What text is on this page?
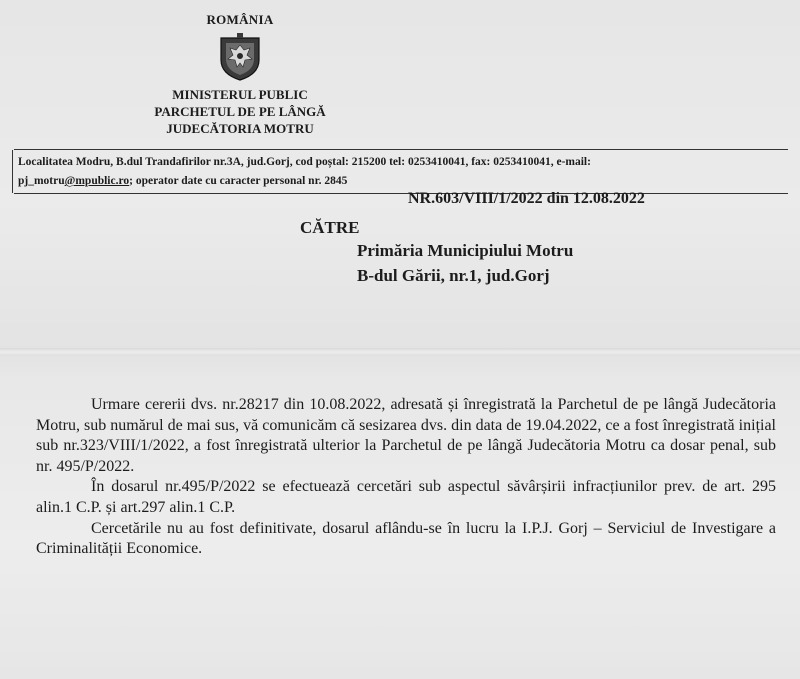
ROMÂNIA
MINISTERUL PUBLIC
PARCHETUL DE PE LÂNGĂ
JUDECĂTORIA MOTRU
Localitatea Modru, B.dul Trandafirilor nr.3A, jud.Gorj, cod poștal: 215200 tel: 0253410041, fax: 0253410041, e-mail:
pj_motru@mpublic.ro; operator date cu caracter personal nr. 2845
NR.603/VIII/1/2022 din 12.08.2022
CĂTRE
Primăria Municipiului Motru
B-dul Gării, nr.1, jud.Gorj

Urmare cererii dvs. nr.28217 din 10.08.2022, adresată și înregistrată la Parchetul de pe lângă Judecătoria Motru, sub numărul de mai sus, vă comunicăm că sesizarea dvs. din data de 19.04.2022, ce a fost înregistrată inițial sub nr.323/VIII/1/2022, a fost înregistrată ulterior la Parchetul de pe lângă Judecătoria Motru ca dosar penal, sub nr. 495/P/2022.

În dosarul nr.495/P/2022 se efectuează cercetări sub aspectul săvârșirii infracțiunilor prev. de art. 295 alin.1 C.P. și art.297 alin.1 C.P.

Cercetările nu au fost definitivate, dosarul aflându-se în lucru la I.P.J. Gorj – Serviciul de Investigare a Criminalității Economice.
